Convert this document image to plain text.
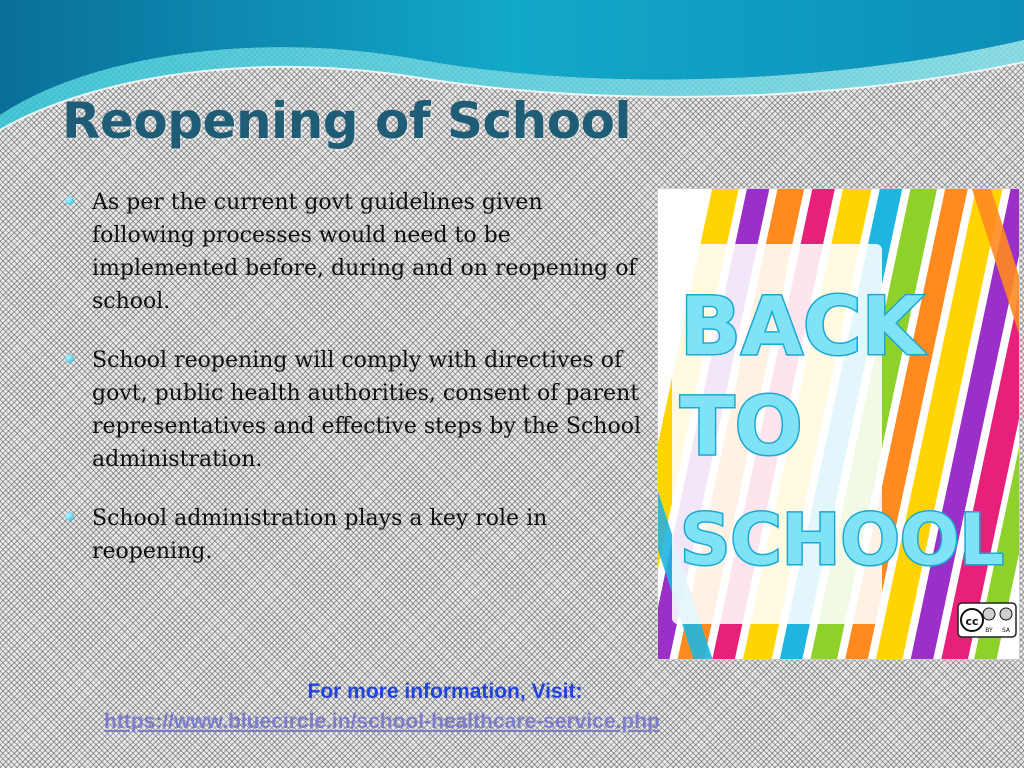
Reopening of School
As per the current govt guidelines given following processes would need to be implemented before, during and on reopening of school.
School reopening will comply with directives of govt, public health authorities, consent of parent representatives and effective steps by the School administration.
School administration plays a key role in reopening.
BACK
TO
SCHOOL
cc
BY SA
For more information, Visit:
https://www.bluecircle.in/school-healthcare-service.php
